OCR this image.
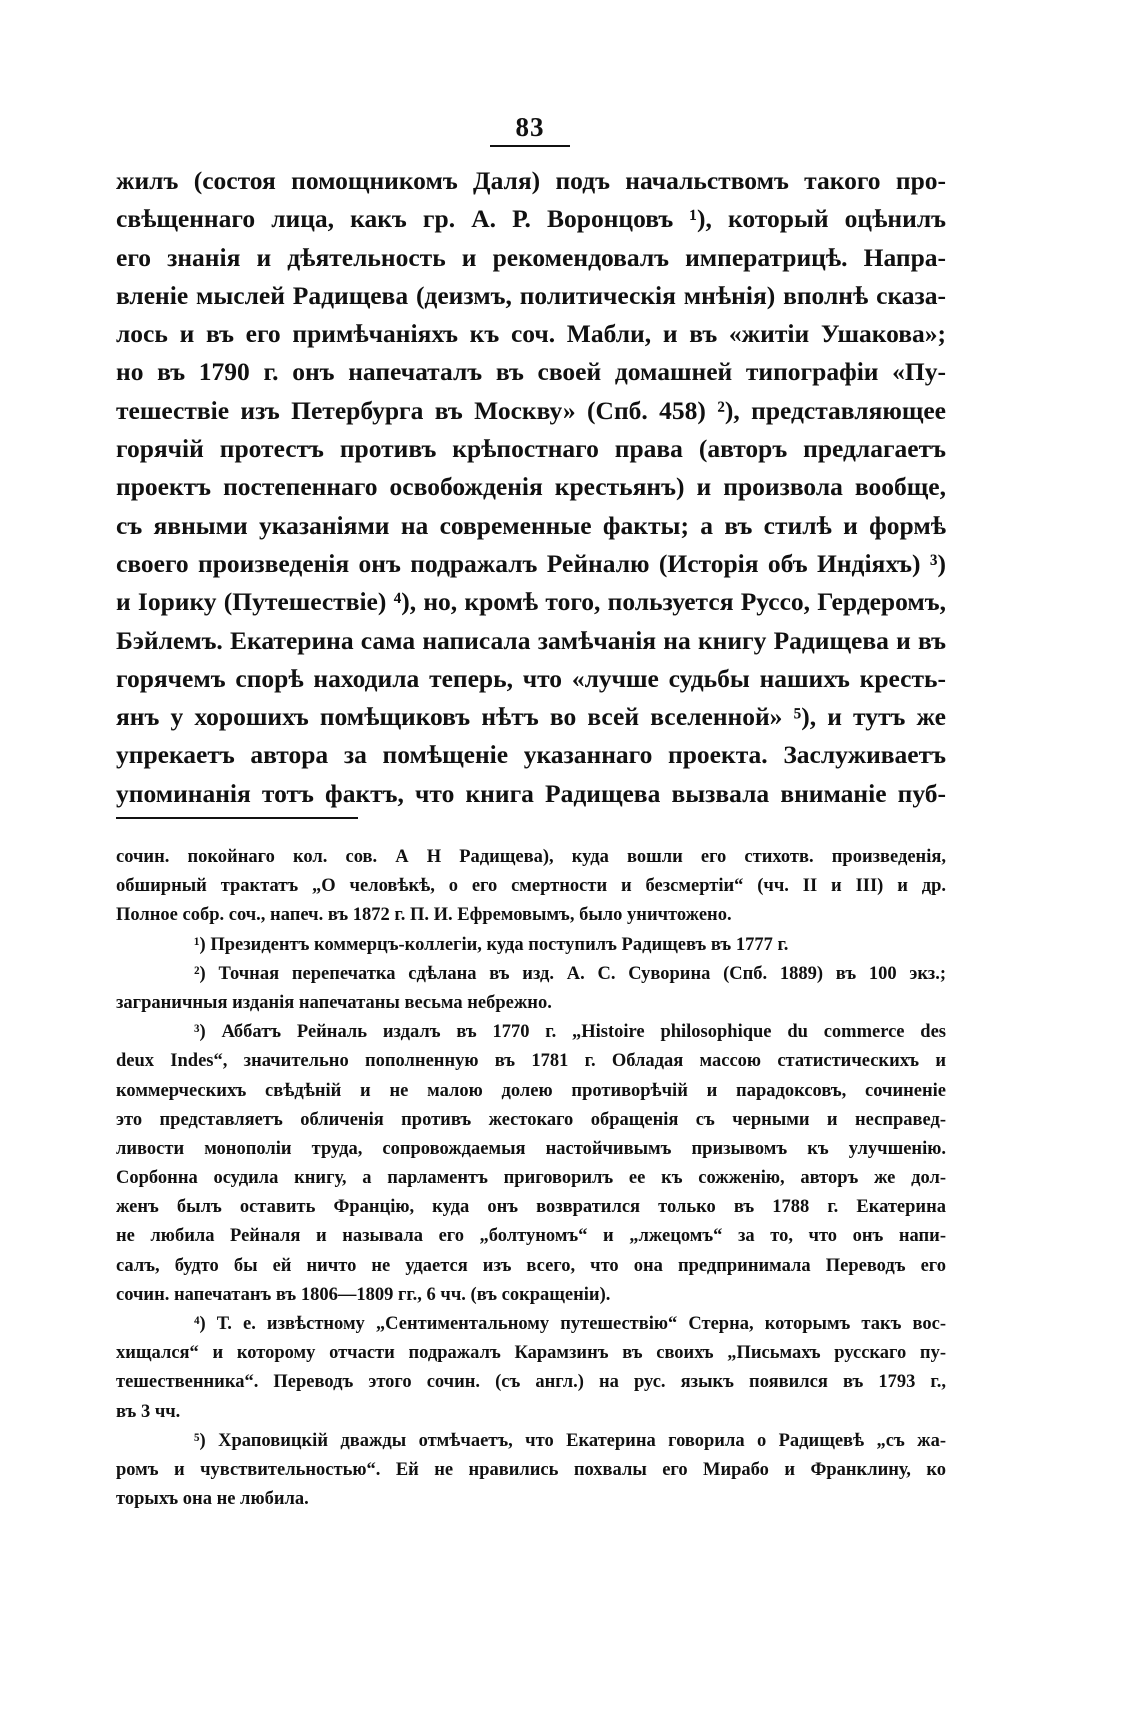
83
жилъ (состоя помощникомъ Даля) подъ начальствомъ такого про-
свѣщеннаго лица, какъ гр. А. Р. Воронцовъ ¹), который оцѣнилъ
его знанія и дѣятельность и рекомендовалъ императрицѣ. Напра-
вленіе мыслей Радищева (деизмъ, политическія мнѣнія) вполнѣ сказа-
лось и въ его примѣчаніяхъ къ соч. Мабли, и въ «житіи Ушакова»;
но въ 1790 г. онъ напечаталъ въ своей домашней типографіи «Пу-
тешествіе изъ Петербурга въ Москву» (Спб. 458) ²), представляющее
горячій протестъ противъ крѣпостнаго права (авторъ предлагаетъ
проектъ постепеннаго освобожденія крестьянъ) и произвола вообще,
съ явными указаніями на современные факты; а въ стилѣ и формѣ
своего произведенія онъ подражалъ Рейналю (Исторія объ Индіяхъ) ³)
и Іорику (Путешествіе) ⁴), но, кромѣ того, пользуется Руссо, Гердеромъ,
Бэйлемъ. Екатерина сама написала замѣчанія на книгу Радищева и въ
горячемъ спорѣ находила теперь, что «лучше судьбы нашихъ кресть-
янъ у хорошихъ помѣщиковъ нѣтъ во всей вселенной» ⁵), и тутъ же
упрекаетъ автора за помѣщеніе указаннаго проекта. Заслуживаетъ
упоминанія тотъ фактъ, что книга Радищева вызвала вниманіе пуб-
сочин. покойнаго кол. сов. А Н Радищева), куда вошли его стихотв. произведенія,
обширный трактатъ „О человѣкѣ, о его смертности и безсмертіи“ (чч. II и III) и др.
Полное собр. соч., напеч. въ 1872 г. П. И. Ефремовымъ, было уничтожено.
¹) Президентъ коммерцъ-коллегіи, куда поступилъ Радищевъ въ 1777 г.
²) Точная перепечатка сдѣлана въ изд. А. С. Суворина (Спб. 1889) въ 100 экз.;
заграничныя изданія напечатаны весьма небрежно.
³) Аббатъ Рейналь издалъ въ 1770 г. „Histoire philosophique du commerce des
deux Indes“, значительно пополненную въ 1781 г. Обладая массою статистическихъ и
коммерческихъ свѣдѣній и не малою долею противорѣчій и парадоксовъ, сочиненіе
это представляетъ обличенія противъ жестокаго обращенія съ черными и несправед-
ливости монополіи труда, сопровождаемыя настойчивымъ призывомъ къ улучшенію.
Сорбонна осудила книгу, а парламентъ приговорилъ ее къ сожженію, авторъ же дол-
женъ былъ оставить Францію, куда онъ возвратился только въ 1788 г. Екатерина
не любила Рейналя и называла его „болтуномъ“ и „лжецомъ“ за то, что онъ напи-
салъ, будто бы ей ничто не удается изъ всего, что она предпринимала Переводъ его
сочин. напечатанъ въ 1806—1809 гг., 6 чч. (въ сокращеніи).
⁴) Т. е. извѣстному „Сентиментальному путешествію“ Стерна, которымъ такъ вос-
хищался“ и которому отчасти подражалъ Карамзинъ въ своихъ „Письмахъ русскаго пу-
тешественника“. Переводъ этого сочин. (съ англ.) на рус. языкъ появился въ 1793 г.,
въ 3 чч.
⁵) Храповицкій дважды отмѣчаетъ, что Екатерина говорила о Радищевѣ „съ жа-
ромъ и чувствительностью“. Ей не нравились похвалы его Мирабо и Франклину, ко
торыхъ она не любила.
